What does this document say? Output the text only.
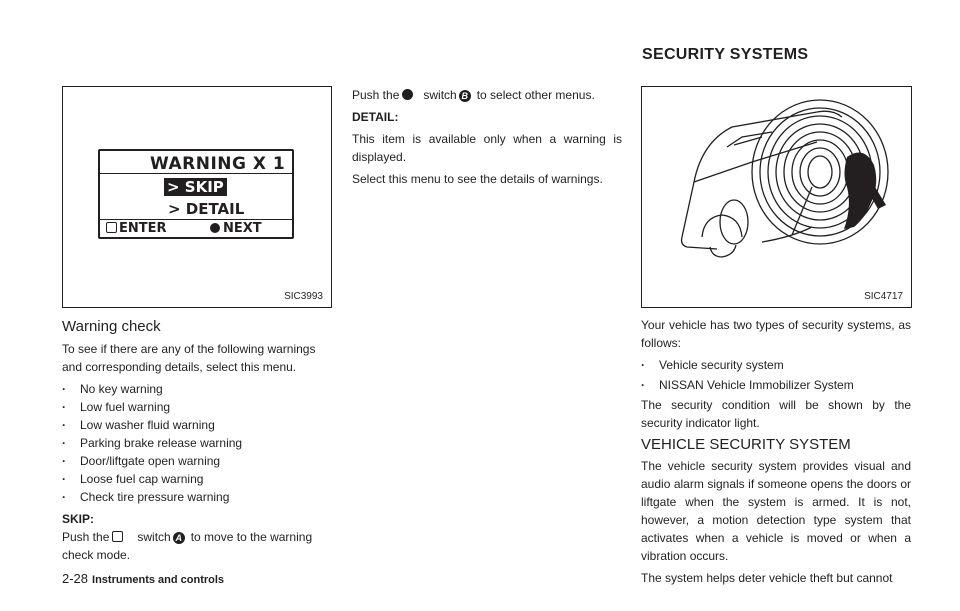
SECURITY SYSTEMS
WARNING X 1
> SKIP
> DETAIL
ENTER	NEXT
SIC3993	SIC4717

Warning check

To see if there are any of the following warnings and corresponding details, select this menu.

. No key warning

. Low fuel warning

. Low washer fluid warning

. Parking brake release warning

. Door/liftgate open warning

. Loose fuel cap warning

. Check tire pressure warning

SKIP:

Push the switch A to move to the warning check mode.

Push the switch B to select other menus.

DETAIL:

This item is available only when a warning is displayed.

Select this menu to see the details of warnings.

Your vehicle has two types of security systems, as follows:

. Vehicle security system

. NISSAN Vehicle Immobilizer System

The security condition will be shown by the security indicator light.

VEHICLE SECURITY SYSTEM

The vehicle security system provides visual and audio alarm signals if someone opens the doors or liftgate when the system is armed. It is not, however, a motion detection type system that activates when a vehicle is moved or when a vibration occurs.

The system helps deter vehicle theft but cannot

2-28 Instruments and controls
